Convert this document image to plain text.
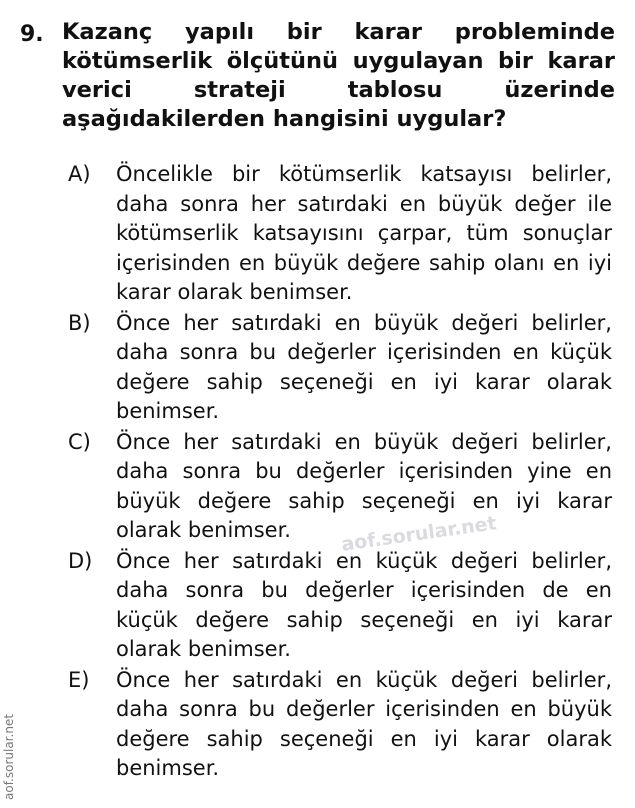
9. Kazanç yapılı bir karar probleminde kötümserlik ölçütünü uygulayan bir karar verici strateji tablosu üzerinde aşağıdakilerden hangisini uygular?
A) Öncelikle bir kötümserlik katsayısı belirler, daha sonra her satırdaki en büyük değer ile kötümserlik katsayısını çarpar, tüm sonuçlar içerisinden en büyük değere sahip olanı en iyi karar olarak benimser.
B) Önce her satırdaki en büyük değeri belirler, daha sonra bu değerler içerisinden en küçük değere sahip seçeneği en iyi karar olarak benimser.
C) Önce her satırdaki en büyük değeri belirler, daha sonra bu değerler içerisinden yine en büyük değere sahip seçeneği en iyi karar olarak benimser.
D) Önce her satırdaki en küçük değeri belirler, daha sonra bu değerler içerisinden de en küçük değere sahip seçeneği en iyi karar olarak benimser.
E) Önce her satırdaki en küçük değeri belirler, daha sonra bu değerler içerisinden en büyük değere sahip seçeneği en iyi karar olarak benimser.
aof.sorular.net
aof.sorular.net
